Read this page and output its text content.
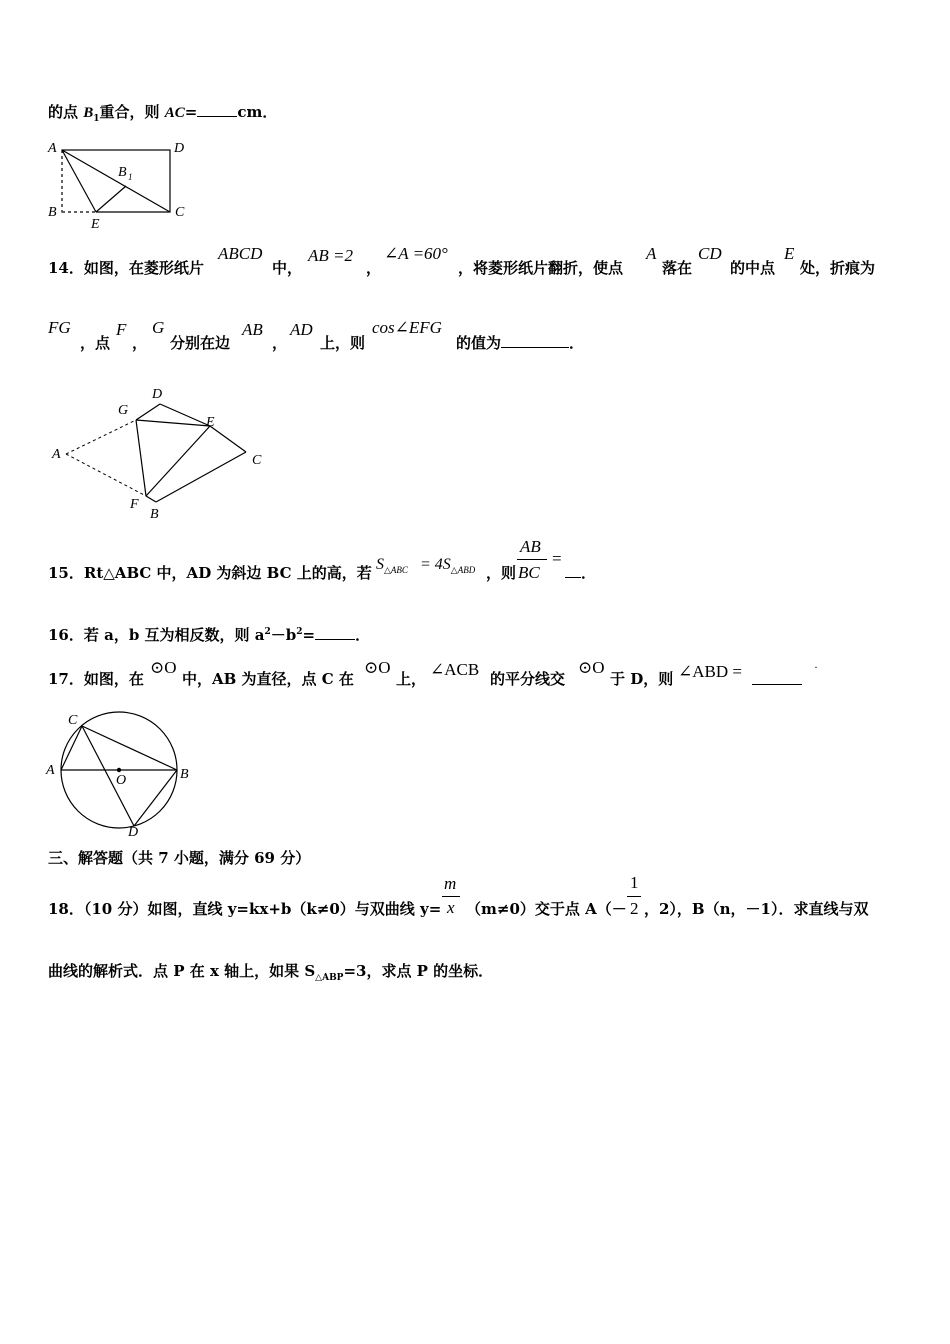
的点 $B_1$重合，则 AC=	cm．
A	D
B
E
C
B 1
14．如图，在菱形纸片
ABCD
中，
AB =2
，
∠A =60°
，将菱形纸片翻折，使点
A
落在
CD
的中点
E
处，折痕为
FG
，点
F
，
G
分别在边
AB
，
AD
上，则
cos∠EFG
的值为	．
D
G
E
A	C
F
B
15．Rt△ABC 中，AD 为斜边 BC 上的高，若 $S_{\triangle ABC} = 4S_{\triangle ABD}$ ，则
AB
BC
=
．
16．若 a，b 互为相反数，则 $a^2-b^2=$	．
17．如图，在
⊙O
中，AB 为直径，点 C 在
⊙O
上， ∠ACB 的平分线交
⊙O
于 D，则 ∠ABD =	·
C
A
O	B
D
三、解答题（共 7 小题，满分 69 分）
18．（10 分）如图，直线 y=kx+b（k≠0）与双曲线 y=
m
x （m≠0）交于点 A（－
1
2 ，2），B（n，－1）．求直线与双
曲线的解析式．点 P 在 x 轴上，如果 $S_{\triangle ABP}=3$，求点 P 的坐标．
